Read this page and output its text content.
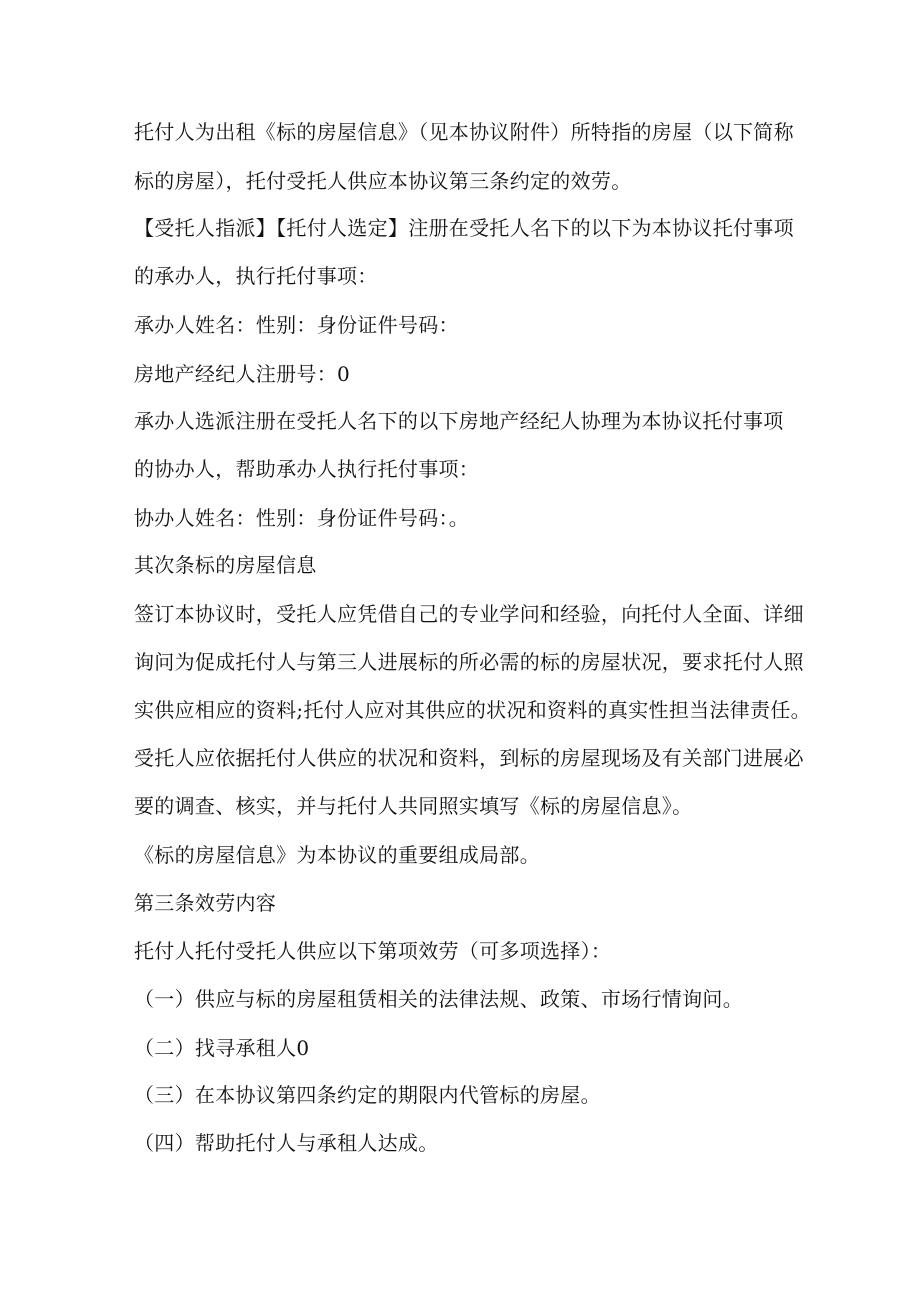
托付人为出租《标的房屋信息》（见本协议附件）所特指的房屋（以下简称
标的房屋），托付受托人供应本协议第三条约定的效劳。
【受托人指派】【托付人选定】注册在受托人名下的以下为本协议托付事项
的承办人，执行托付事项：
承办人姓名：性别：身份证件号码：
房地产经纪人注册号：0
承办人选派注册在受托人名下的以下房地产经纪人协理为本协议托付事项
的协办人，帮助承办人执行托付事项：
协办人姓名：性别：身份证件号码：。
其次条标的房屋信息
签订本协议时，受托人应凭借自己的专业学问和经验，向托付人全面、详细
询问为促成托付人与第三人进展标的所必需的标的房屋状况，要求托付人照
实供应相应的资料;托付人应对其供应的状况和资料的真实性担当法律责任。
受托人应依据托付人供应的状况和资料，到标的房屋现场及有关部门进展必
要的调查、核实，并与托付人共同照实填写《标的房屋信息》。
《标的房屋信息》为本协议的重要组成局部。
第三条效劳内容
托付人托付受托人供应以下第项效劳（可多项选择）：
（一）供应与标的房屋租赁相关的法律法规、政策、市场行情询问。
（二）找寻承租人0
（三）在本协议第四条约定的期限内代管标的房屋。
（四）帮助托付人与承租人达成。
